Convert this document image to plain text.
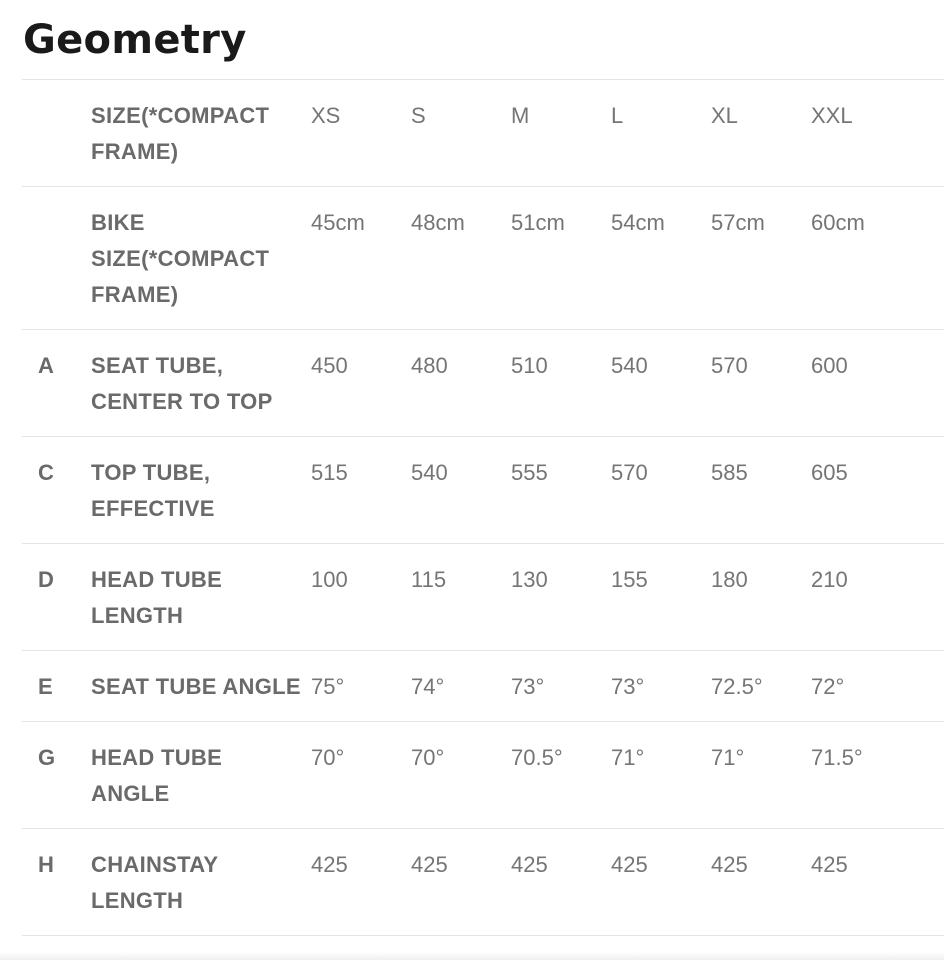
Geometry
	SIZE(*COMPACT FRAME)	XS	S	M	L	XL	XXL	
	BIKE SIZE(*COMPACT FRAME)	45cm	48cm	51cm	54cm	57cm	60cm	
A	SEAT TUBE, CENTER TO TOP	450	480	510	540	570	600	
C	TOP TUBE, EFFECTIVE	515	540	555	570	585	605	
D	HEAD TUBE LENGTH	100	115	130	155	180	210	
E	SEAT TUBE ANGLE	75°	74°	73°	73°	72.5°	72°	
G	HEAD TUBE ANGLE	70°	70°	70.5°	71°	71°	71.5°	
H	CHAINSTAY LENGTH	425	425	425	425	425	425	
